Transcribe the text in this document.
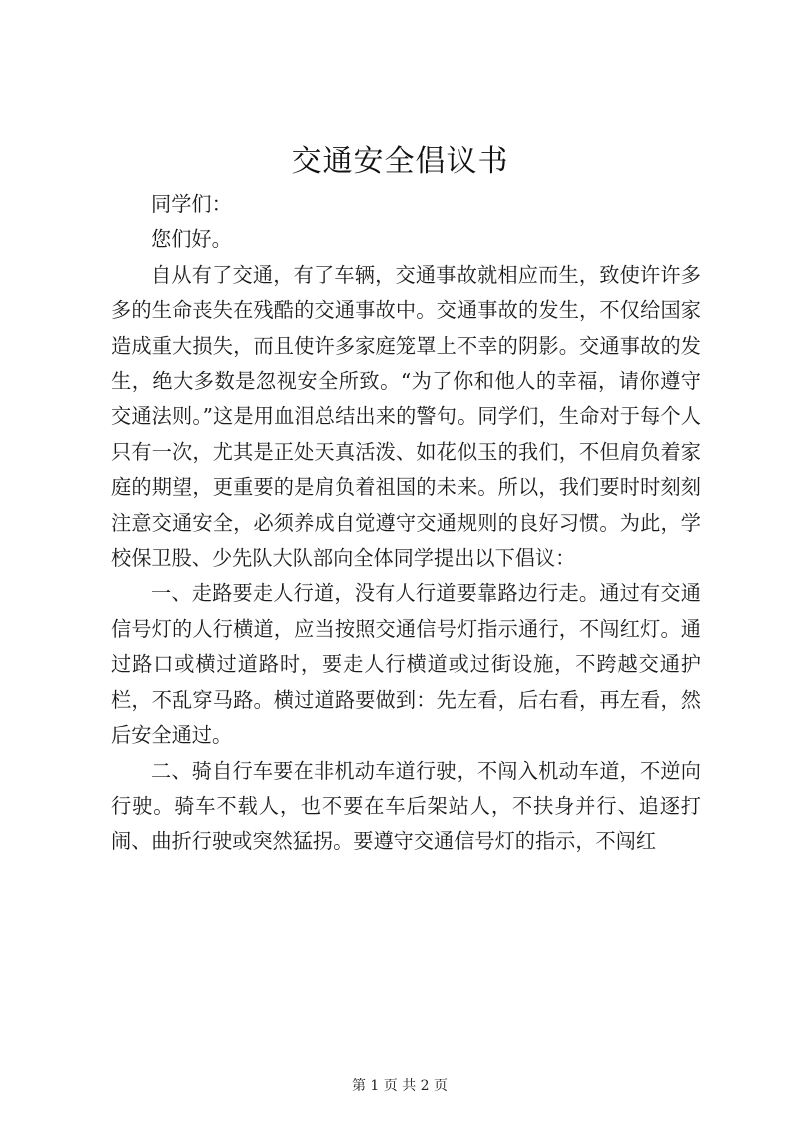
交通安全倡议书

同学们：

您们好。

自从有了交通，有了车辆，交通事故就相应而生，致使许许多多的生命丧失在残酷的交通事故中。交通事故的发生，不仅给国家造成重大损失，而且使许多家庭笼罩上不幸的阴影。交通事故的发生，绝大多数是忽视安全所致。“为了你和他人的幸福，请你遵守交通法则。”这是用血泪总结出来的警句。同学们，生命对于每个人只有一次，尤其是正处天真活泼、如花似玉的我们，不但肩负着家庭的期望，更重要的是肩负着祖国的未来。所以，我们要时时刻刻注意交通安全，必须养成自觉遵守交通规则的良好习惯。为此，学校保卫股、少先队大队部向全体同学提出以下倡议：

一、走路要走人行道，没有人行道要靠路边行走。通过有交通信号灯的人行横道，应当按照交通信号灯指示通行，不闯红灯。通过路口或横过道路时，要走人行横道或过街设施，不跨越交通护栏，不乱穿马路。横过道路要做到：先左看，后右看，再左看，然后安全通过。

二、骑自行车要在非机动车道行驶，不闯入机动车道，不逆向行驶。骑车不载人，也不要在车后架站人，不扶身并行、追逐打闹、曲折行驶或突然猛拐。要遵守交通信号灯的指示，不闯红

第 1 页 共 2 页
